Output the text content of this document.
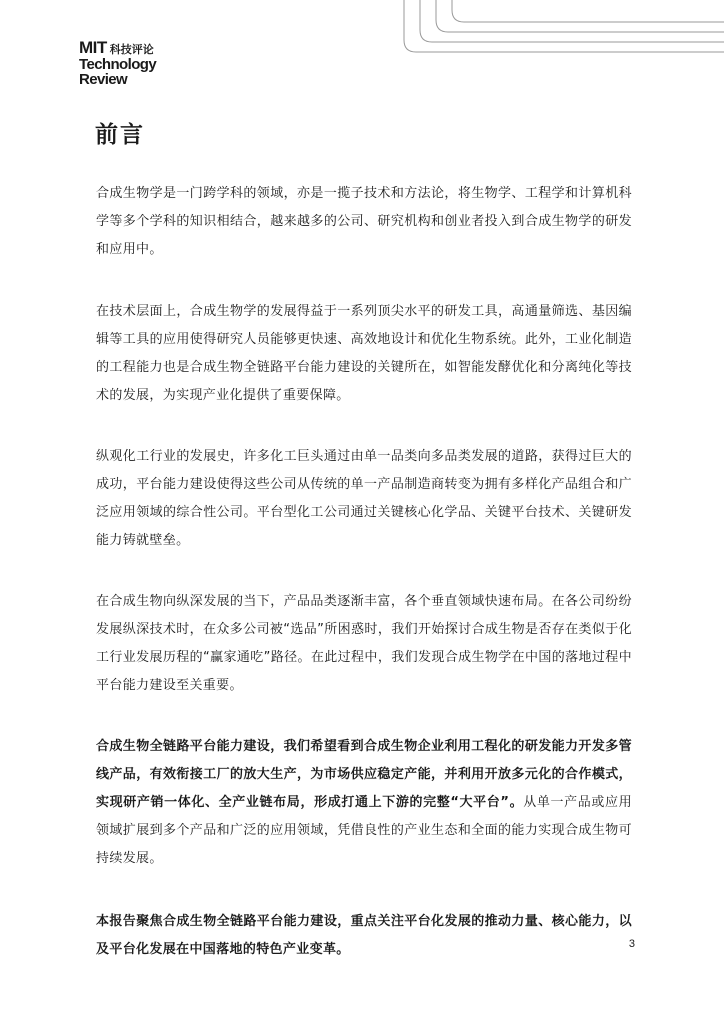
MIT 科技评论
Technology
Review
前言

合成生物学是一门跨学科的领域，亦是一揽子技术和方法论，将生物学、工程学和计算机科学等多个学科的知识相结合，越来越多的公司、研究机构和创业者投入到合成生物学的研发和应用中。

在技术层面上，合成生物学的发展得益于一系列顶尖水平的研发工具，高通量筛选、基因编辑等工具的应用使得研究人员能够更快速、高效地设计和优化生物系统。此外，工业化制造的工程能力也是合成生物全链路平台能力建设的关键所在，如智能发酵优化和分离纯化等技术的发展，为实现产业化提供了重要保障。

纵观化工行业的发展史，许多化工巨头通过由单一品类向多品类发展的道路，获得过巨大的成功，平台能力建设使得这些公司从传统的单一产品制造商转变为拥有多样化产品组合和广泛应用领域的综合性公司。平台型化工公司通过关键核心化学品、关键平台技术、关键研发能力铸就壁垒。

在合成生物向纵深发展的当下，产品品类逐渐丰富，各个垂直领域快速布局。在各公司纷纷发展纵深技术时，在众多公司被“选品”所困惑时，我们开始探讨合成生物是否存在类似于化工行业发展历程的“赢家通吃”路径。在此过程中，我们发现合成生物学在中国的落地过程中平台能力建设至关重要。

合成生物全链路平台能力建设，我们希望看到合成生物企业利用工程化的研发能力开发多管线产品，有效衔接工厂的放大生产，为市场供应稳定产能，并利用开放多元化的合作模式，实现研产销一体化、全产业链布局，形成打通上下游的完整“大平台”。从单一产品或应用领域扩展到多个产品和广泛的应用领域，凭借良性的产业生态和全面的能力实现合成生物可持续发展。

本报告聚焦合成生物全链路平台能力建设，重点关注平台化发展的推动力量、核心能力，以及平台化发展在中国落地的特色产业变革。	3
